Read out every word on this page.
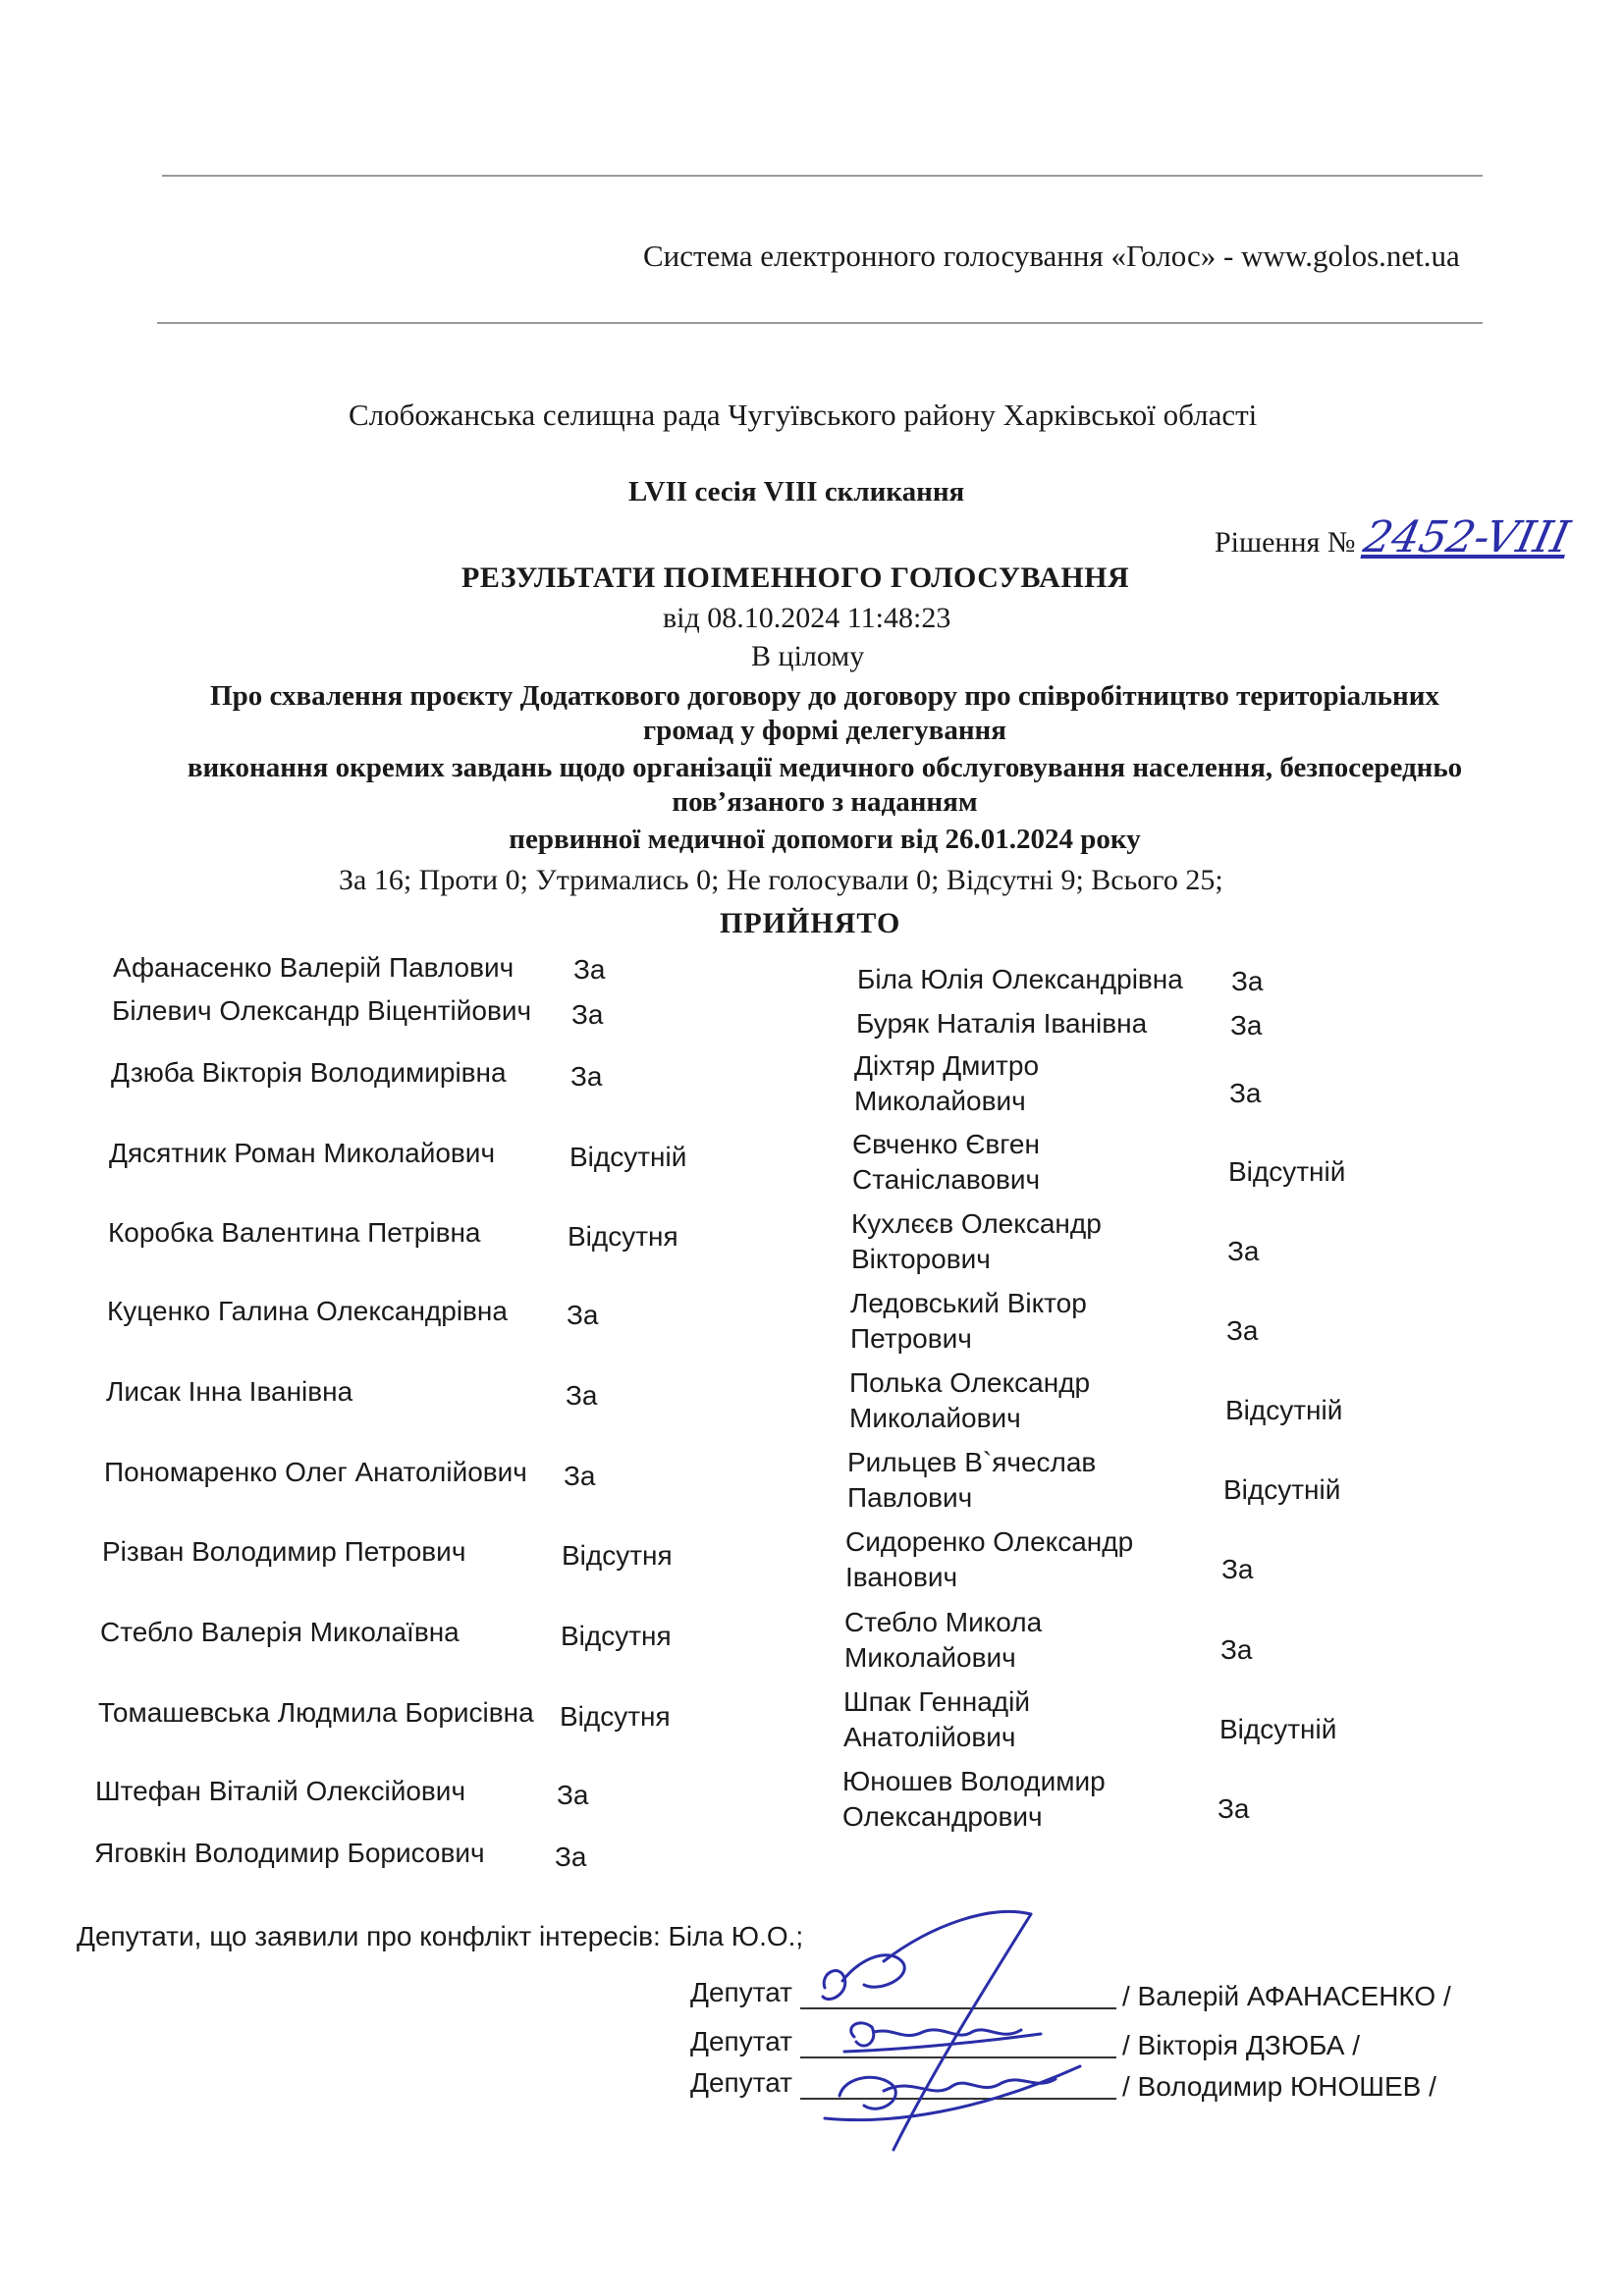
Система електронного голосування «Голос» - www.golos.net.ua
Слобожанська селищна рада Чугуївського району Харківської області
LVII сесія VIII скликання
Рішення № 2452-VIII
РЕЗУЛЬТАТИ ПОІМЕННОГО ГОЛОСУВАННЯ
від 08.10.2024 11:48:23
В цілому
Про схвалення проєкту Додаткового договору до договору про співробітництво територіальних
громад у формі делегування
виконання окремих завдань щодо організації медичного обслуговування населення, безпосередньо
пов’язаного з наданням
первинної медичної допомоги від 26.01.2024 року
За 16; Проти 0; Утримались 0; Не голосували 0; Відсутні 9; Всього 25;
ПРИЙНЯТО
Афанасенко Валерій Павлович За
Білевич Олександр Віцентійович За
Дзюба Вікторія Володимирівна За
Дясятник Роман Миколайович	Відсутній
Коробка Валентина Петрівна	Відсутня
Куценко Галина Олександрівна За
Лисак Інна Іванівна	За
Пономаренко Олег Анатолійович За
Різван Володимир Петрович	Відсутня
Стебло Валерія Миколаївна	Відсутня
Томашевська Людмила Борисівна Відсутня
Штефан Віталій Олексійович	За
Яговкін Володимир Борисович	За
Біла Юлія Олександрівна За
Буряк Наталія Іванівна	За
Діхтяр Дмитро
Миколайович	За
Євченко Євген
Станіславович	Відсутній
Кухлєєв Олександр
Вікторович	За
Ледовський Віктор
Петрович	За
Полька Олександр
Миколайович	Відсутній
Рильцев В`ячеслав
Павлович	Відсутній
Сидоренко Олександр
Іванович	За
Стебло Микола
Миколайович	За
Шпак Геннадій
Анатолійович	Відсутній
Юношев Володимир
Олександрович	За
Депутати, що заявили про конфлікт інтересів: Біла Ю.О.;
Депутат	/ Валерій АФАНАСЕНКО /
Депутат	/ Вікторія ДЗЮБА /
Депутат	/ Володимир ЮНОШЕВ /
